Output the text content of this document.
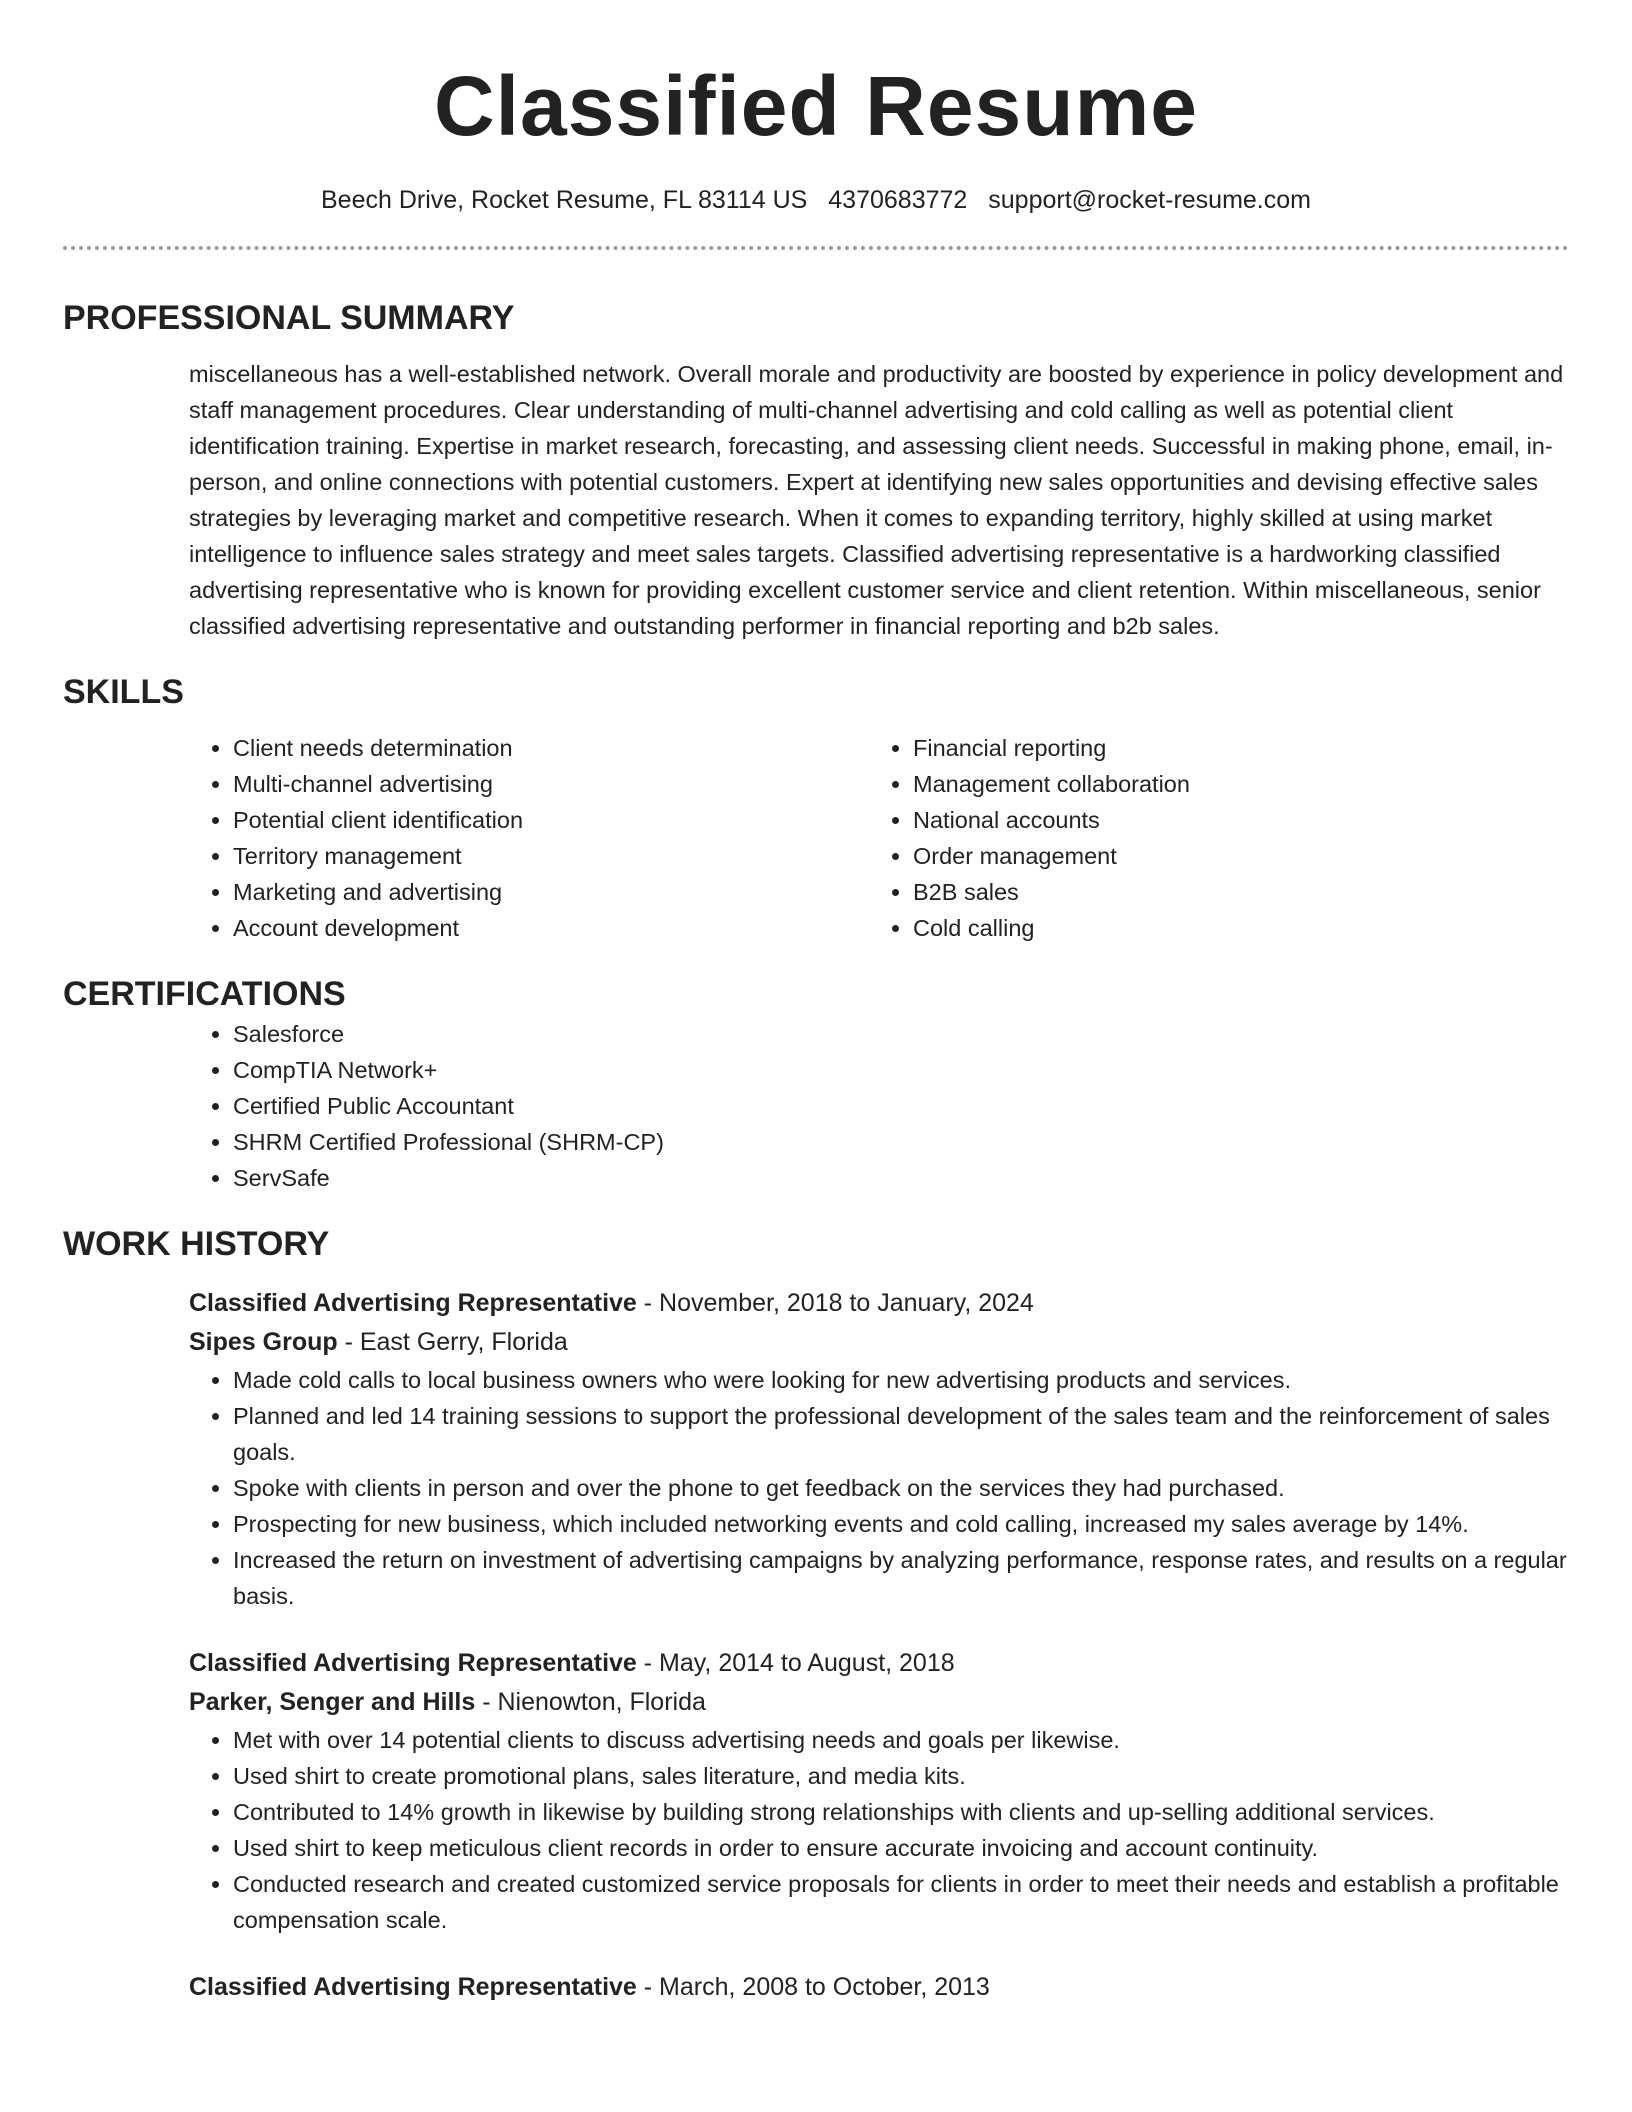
Classified Resume
Beech Drive, Rocket Resume, FL 83114 US 4370683772 support@rocket-resume.com
PROFESSIONAL SUMMARY
miscellaneous has a well-established network. Overall morale and productivity are boosted by experience in policy development and staff management procedures. Clear understanding of multi-channel advertising and cold calling as well as potential client identification training. Expertise in market research, forecasting, and assessing client needs. Successful in making phone, email, in-person, and online connections with potential customers. Expert at identifying new sales opportunities and devising effective sales strategies by leveraging market and competitive research. When it comes to expanding territory, highly skilled at using market intelligence to influence sales strategy and meet sales targets. Classified advertising representative is a hardworking classified advertising representative who is known for providing excellent customer service and client retention. Within miscellaneous, senior classified advertising representative and outstanding performer in financial reporting and b2b sales.
SKILLS
• Client needs determination
• Multi-channel advertising
• Potential client identification
• Territory management
• Marketing and advertising
• Account development
• Financial reporting
• Management collaboration
• National accounts
• Order management
• B2B sales
• Cold calling
CERTIFICATIONS
• Salesforce
• CompTIA Network+
• Certified Public Accountant
• SHRM Certified Professional (SHRM-CP)
• ServSafe
WORK HISTORY
Classified Advertising Representative - November, 2018 to January, 2024
Sipes Group - East Gerry, Florida
• Made cold calls to local business owners who were looking for new advertising products and services.
• Planned and led 14 training sessions to support the professional development of the sales team and the reinforcement of sales goals.
• Spoke with clients in person and over the phone to get feedback on the services they had purchased.
• Prospecting for new business, which included networking events and cold calling, increased my sales average by 14%.
• Increased the return on investment of advertising campaigns by analyzing performance, response rates, and results on a regular basis.
Classified Advertising Representative - May, 2014 to August, 2018
Parker, Senger and Hills - Nienowton, Florida
• Met with over 14 potential clients to discuss advertising needs and goals per likewise.
• Used shirt to create promotional plans, sales literature, and media kits.
• Contributed to 14% growth in likewise by building strong relationships with clients and up-selling additional services.
• Used shirt to keep meticulous client records in order to ensure accurate invoicing and account continuity.
• Conducted research and created customized service proposals for clients in order to meet their needs and establish a profitable compensation scale.
Classified Advertising Representative - March, 2008 to October, 2013
